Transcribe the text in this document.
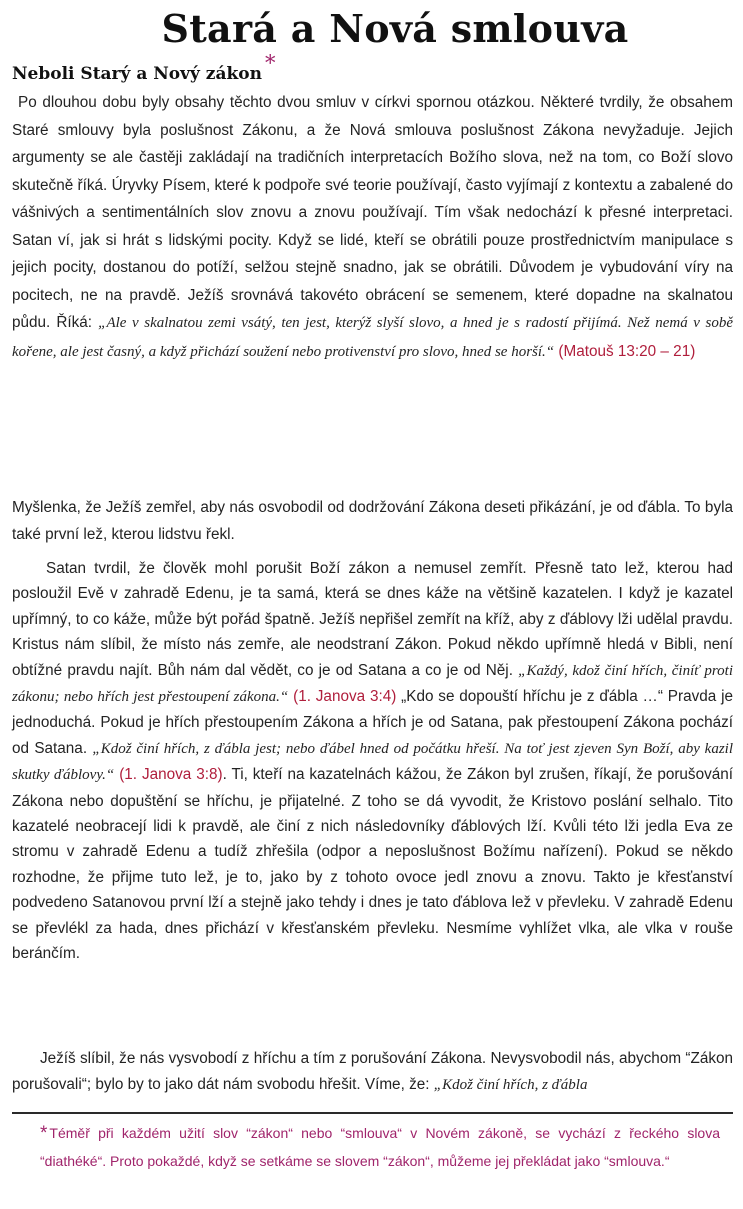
Stará a Nová smlouva
Neboli Starý a Nový zákon *

Po dlouhou dobu byly obsahy těchto dvou smluv v církvi spornou otázkou. Některé tvrdily, že obsahem Staré smlouvy byla poslušnost Zákonu, a že Nová smlouva poslušnost Zákona nevyžaduje. Jejich argumenty se ale častěji zakládají na tradičních interpretacích Božího slova, než na tom, co Boží slovo skutečně říká. Úryvky Písem, které k podpoře své teorie používají, často vyjímají z kontextu a zabalené do vášnivých a sentimentálních slov znovu a znovu používají. Tím však nedochází k přesné interpretaci. Satan ví, jak si hrát s lidskými pocity. Když se lidé, kteří se obrátili pouze prostřednictvím manipulace s jejich pocity, dostanou do potíží, selžou stejně snadno, jak se obrátili. Důvodem je vybudování víry na pocitech, ne na pravdě. Ježíš srovnává takovéto obrácení se semenem, které dopadne na skalnatou půdu. Říká: „Ale v skalnatou zemi vsátý, ten jest, kterýž slyší slovo, a hned je s radostí přijímá. Než nemá v sobě kořene, ale jest časný, a když přichází soužení nebo protivenství pro slovo, hned se horší.“ (Matouš 13:20 – 21)

Myšlenka, že Ježíš zemřel, aby nás osvobodil od dodržování Zákona deseti přikázání, je od ďábla. To byla také první lež, kterou lidstvu řekl.

Satan tvrdil, že člověk mohl porušit Boží zákon a nemusel zemřít. Přesně tato lež, kterou had posloužil Evě v zahradě Edenu, je ta samá, která se dnes káže na většině kazatelen. I když je kazatel upřímný, to co káže, může být pořád špatně. Ježíš nepřišel zemřít na kříž, aby z ďáblovy lži udělal pravdu. Kristus nám slíbil, že místo nás zemře, ale neodstraní Zákon. Pokud někdo upřímně hledá v Bibli, není obtížné pravdu najít. Bůh nám dal vědět, co je od Satana a co je od Něj. „Každý, kdož činí hřích, činíť proti zákonu; nebo hřích jest přestoupení zákona.“ (1. Janova 3:4) „Kdo se dopouští hříchu je z ďábla …“ Pravda je jednoduchá. Pokud je hřích přestoupením Zákona a hřích je od Satana, pak přestoupení Zákona pochází od Satana. „Kdož činí hřích, z ďábla jest; nebo ďábel hned od počátku hřeší. Na toť jest zjeven Syn Boží, aby kazil skutky ďáblovy.“ (1. Janova 3:8). Ti, kteří na kazatelnách kážou, že Zákon byl zrušen, říkají, že porušování Zákona nebo dopuštění se hříchu, je přijatelné. Z toho se dá vyvodit, že Kristovo poslání selhalo. Tito kazatelé neobracejí lidi k pravdě, ale činí z nich následovníky ďáblových lží. Kvůli této lži jedla Eva ze stromu v zahradě Edenu a tudíž zhřešila (odpor a neposlušnost Božímu nařízení). Pokud se někdo rozhodne, že přijme tuto lež, je to, jako by z tohoto ovoce jedl znovu a znovu. Takto je křesťanství podvedeno Satanovou první lží a stejně jako tehdy i dnes je tato ďáblova lež v převleku. V zahradě Edenu se převlékl za hada, dnes přichází v křesťanském převleku. Nesmíme vyhlížet vlka, ale vlka v rouše beránčím.

Ježíš slíbil, že nás vysvobodí z hříchu a tím z porušování Zákona. Nevysvobodil nás, abychom “Zákon porušovali“; bylo by to jako dát nám svobodu hřešit. Víme, že: „Kdož činí hřích, z ďábla

* Téměř při každém užití slov “zákon“ nebo “smlouva“ v Novém zákoně, se vychází z řeckého slova “diathéké“. Proto pokaždé, když se setkáme se slovem “zákon“, můžeme jej překládat jako “smlouva.“
